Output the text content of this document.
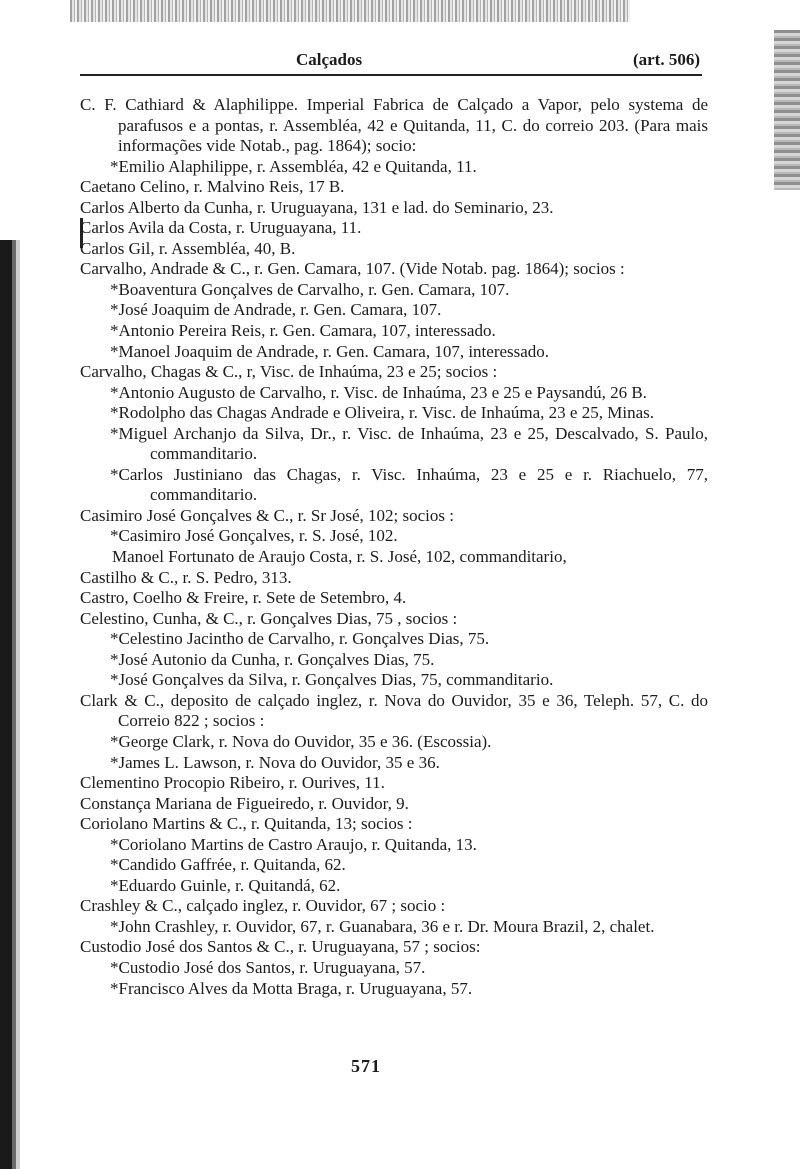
Calçados	(art. 506)

C. F. Cathiard & Alaphilippe. Imperial Fabrica de Calçado a Vapor, pelo systema de parafusos e a pontas, r. Assembléa, 42 e Quitanda, 11, C. do correio 203. (Para mais informações vide Notab., pag. 1864); socio:

*Emilio Alaphilippe, r. Assembléa, 42 e Quitanda, 11.

Caetano Celino, r. Malvino Reis, 17 B.

Carlos Alberto da Cunha, r. Uruguayana, 131 e lad. do Seminario, 23.

Carlos Avila da Costa, r. Uruguayana, 11.

Carlos Gil, r. Assembléa, 40, B.

Carvalho, Andrade & C., r. Gen. Camara, 107. (Vide Notab. pag. 1864); socios :

*Boaventura Gonçalves de Carvalho, r. Gen. Camara, 107.

*José Joaquim de Andrade, r. Gen. Camara, 107.

*Antonio Pereira Reis, r. Gen. Camara, 107, interessado.

*Manoel Joaquim de Andrade, r. Gen. Camara, 107, interessado.

Carvalho, Chagas & C., r, Visc. de Inhaúma, 23 e 25; socios :

*Antonio Augusto de Carvalho, r. Visc. de Inhaúma, 23 e 25 e Paysandú, 26 B.

*Rodolpho das Chagas Andrade e Oliveira, r. Visc. de Inhaúma, 23 e 25, Minas.

*Miguel Archanjo da Silva, Dr., r. Visc. de Inhaúma, 23 e 25, Descalvado, S. Paulo, commanditario.

*Carlos Justiniano das Chagas, r. Visc. Inhaúma, 23 e 25 e r. Riachuelo, 77, commanditario.

Casimiro José Gonçalves & C., r. Sr José, 102; socios :

*Casimiro José Gonçalves, r. S. José, 102.

Manoel Fortunato de Araujo Costa, r. S. José, 102, commanditario,

Castilho & C., r. S. Pedro, 313.

Castro, Coelho & Freire, r. Sete de Setembro, 4.

Celestino, Cunha, & C., r. Gonçalves Dias, 75 , socios :

*Celestino Jacintho de Carvalho, r. Gonçalves Dias, 75.

*José Autonio da Cunha, r. Gonçalves Dias, 75.

*José Gonçalves da Silva, r. Gonçalves Dias, 75, commanditario.

Clark & C., deposito de calçado inglez, r. Nova do Ouvidor, 35 e 36, Teleph. 57, C. do Correio 822 ; socios :

*George Clark, r. Nova do Ouvidor, 35 e 36. (Escossia).

*James L. Lawson, r. Nova do Ouvidor, 35 e 36.

Clementino Procopio Ribeiro, r. Ourives, 11.

Constança Mariana de Figueiredo, r. Ouvidor, 9.

Coriolano Martins & C., r. Quitanda, 13; socios :

*Coriolano Martins de Castro Araujo, r. Quitanda, 13.

*Candido Gaffrée, r. Quitanda, 62.

*Eduardo Guinle, r. Quitandá, 62.

Crashley & C., calçado inglez, r. Ouvidor, 67 ; socio :

*John Crashley, r. Ouvidor, 67, r. Guanabara, 36 e r. Dr. Moura Brazil, 2, chalet.

Custodio José dos Santos & C., r. Uruguayana, 57 ; socios:

*Custodio José dos Santos, r. Uruguayana, 57.

*Francisco Alves da Motta Braga, r. Uruguayana, 57.

571
